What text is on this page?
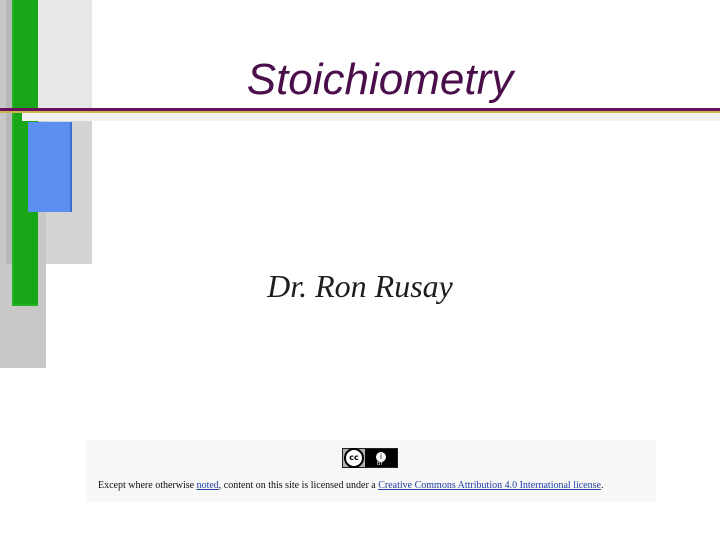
Stoichiometry
Dr. Ron Rusay
cc	i
BY
Except where otherwise noted, content on this site is licensed under a Creative Commons Attribution 4.0 International license.
